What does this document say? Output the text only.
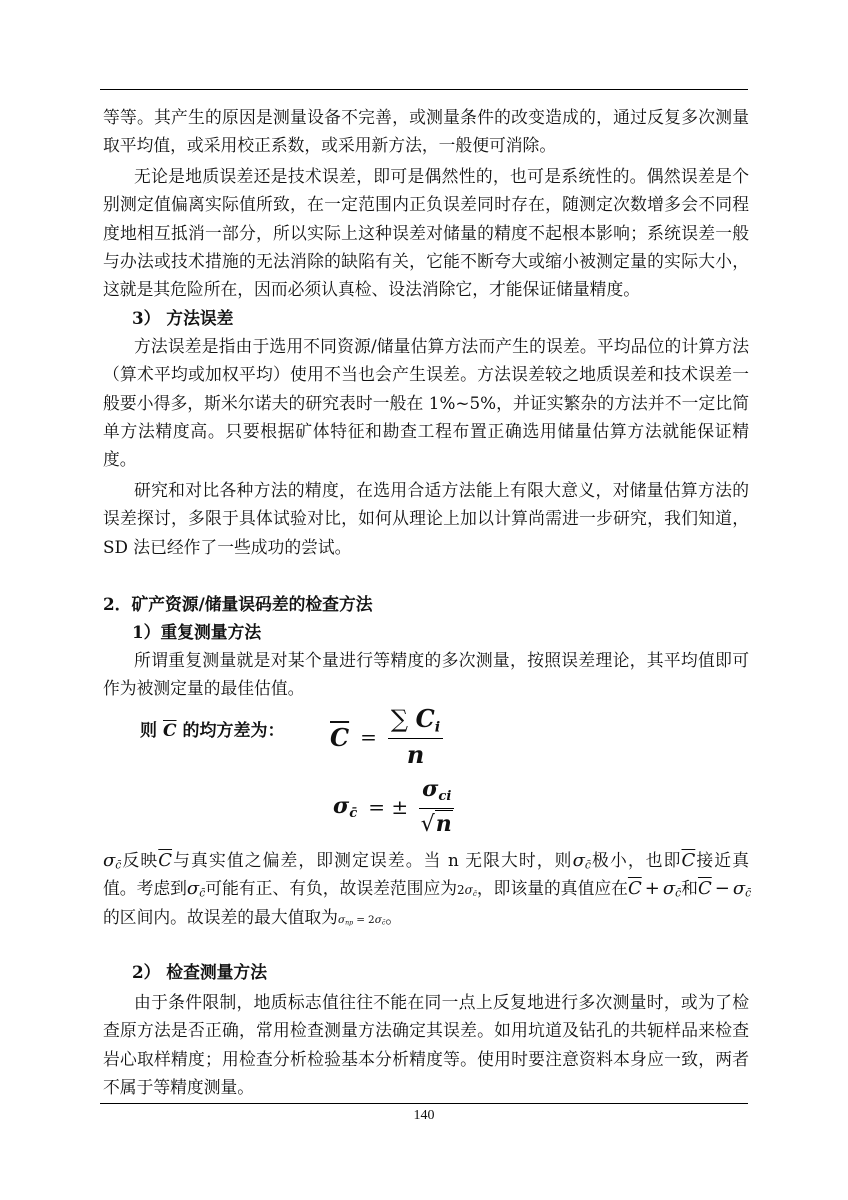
等等。其产生的原因是测量设备不完善，或测量条件的改变造成的，通过反复多次测量
取平均值，或采用校正系数，或采用新方法，一般便可消除。
无论是地质误差还是技术误差，即可是偶然性的，也可是系统性的。偶然误差是个
别测定值偏离实际值所致，在一定范围内正负误差同时存在，随测定次数增多会不同程
度地相互抵消一部分，所以实际上这种误差对储量的精度不起根本影响；系统误差一般
与办法或技术措施的无法消除的缺陷有关，它能不断夸大或缩小被测定量的实际大小，
这就是其危险所在，因而必须认真检、设法消除它，才能保证储量精度。
3） 方法误差
方法误差是指由于选用不同资源/储量估算方法而产生的误差。平均品位的计算方法
（算术平均或加权平均）使用不当也会产生误差。方法误差较之地质误差和技术误差一
般要小得多，斯米尔诺夫的研究表时一般在 1%~5%，并证实繁杂的方法并不一定比简
单方法精度高。只要根据矿体特征和勘查工程布置正确选用储量估算方法就能保证精
度。
研究和对比各种方法的精度，在选用合适方法能上有限大意义，对储量估算方法的
误差探讨，多限于具体试验对比，如何从理论上加以计算尚需进一步研究，我们知道，
SD 法已经作了一些成功的尝试。
2．矿产资源/储量误码差的检查方法
1）重复测量方法
所谓重复测量就是对某个量进行等精度的多次测量，按照误差理论，其平均值即可
作为被测定量的最佳估值。
则 $\overline{C}$ 的均方差为： $\overline{C} = \frac{\sum C_i}{n}$
$\sigma_{c̄}$ = ± $\frac{\sigma_{ci}}{√n}$
$\sigma_{c̄}$反映$\overline{C}$与真实值之偏差，即测定误差。当 n 无限大时，则$\sigma_{c̄}$极小，也即$\overline{C}$接近真
值。考虑到$\sigma_{c̄}$可能有正、有负，故误差范围应为$2\sigma_{c̄}$，即该量的真值应在$\overline{C} + \sigma_{c̄}$和$\overline{C} - \sigma_{c̄}$
的区间内。故误差的最大值取为$\sigma_{np} = 2\sigma_{c̄}$。
2） 检查测量方法
由于条件限制，地质标志值往往不能在同一点上反复地进行多次测量时，或为了检
查原方法是否正确，常用检查测量方法确定其误差。如用坑道及钻孔的共轭样品来检查
岩心取样精度；用检查分析检验基本分析精度等。使用时要注意资料本身应一致，两者
不属于等精度测量。
140
